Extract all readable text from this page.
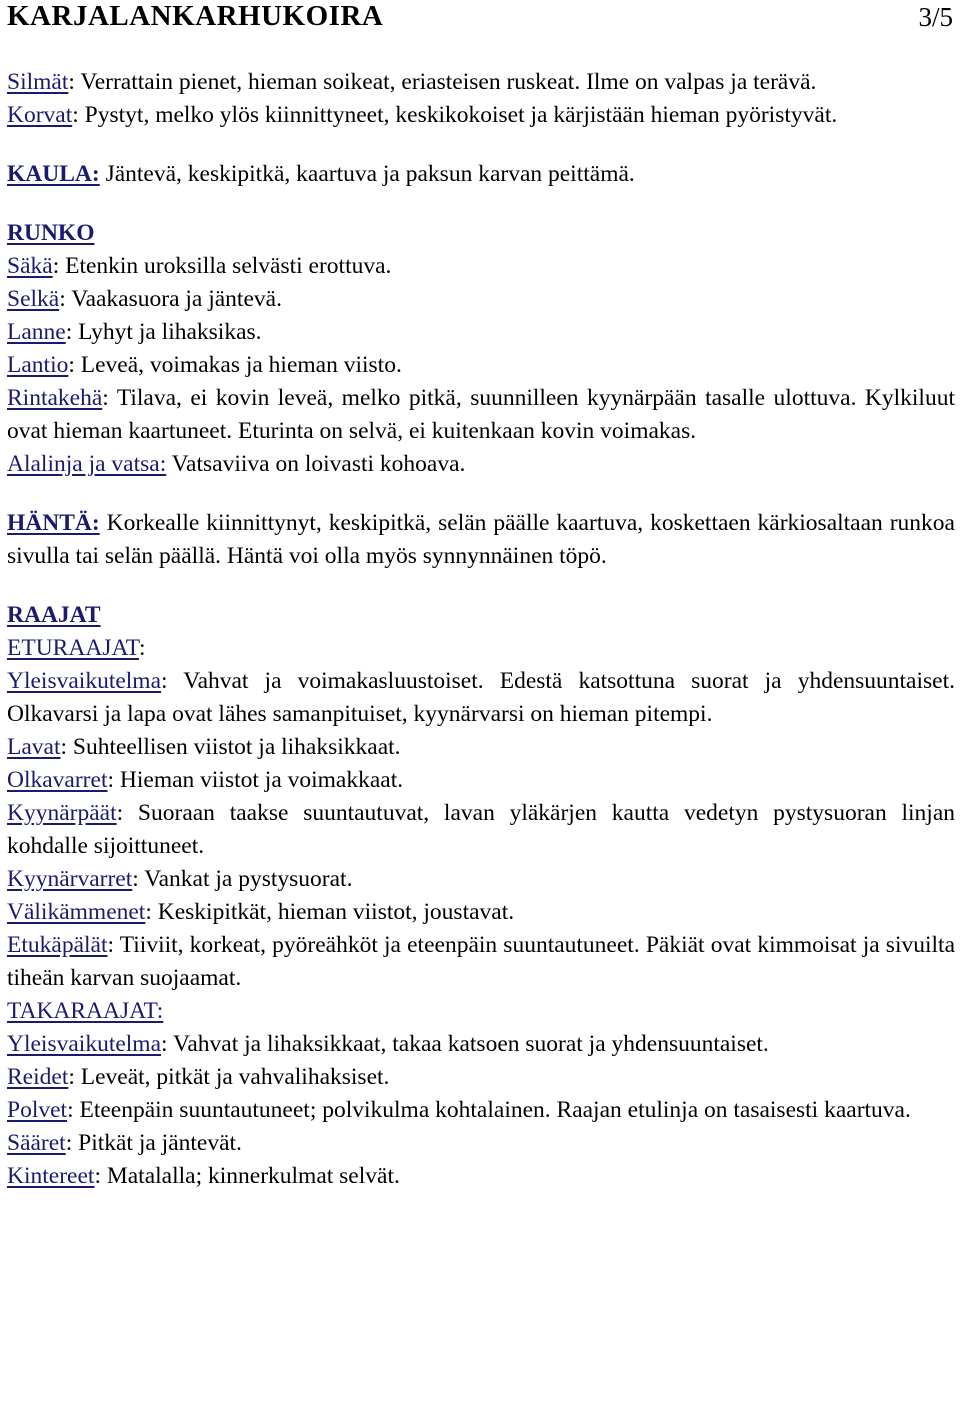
KARJALANKARHUKOIRA	3/5

Silmät: Verrattain pienet, hieman soikeat, eriasteisen ruskeat. Ilme on valpas ja terävä.

Korvat: Pystyt, melko ylös kiinnittyneet, keskikokoiset ja kärjistään hieman pyöristyvät.

KAULA: Jäntevä, keskipitkä, kaartuva ja paksun karvan peittämä.

RUNKO

Säkä: Etenkin uroksilla selvästi erottuva.

Selkä: Vaakasuora ja jäntevä.

Lanne: Lyhyt ja lihaksikas.

Lantio: Leveä, voimakas ja hieman viisto.

Rintakehä: Tilava, ei kovin leveä, melko pitkä, suunnilleen kyynärpään tasalle ulottuva. Kylkiluut ovat hieman kaartuneet. Eturinta on selvä, ei kuitenkaan kovin voimakas.

Alalinja ja vatsa: Vatsaviiva on loivasti kohoava.

HÄNTÄ: Korkealle kiinnittynyt, keskipitkä, selän päälle kaartuva, koskettaen kärkiosaltaan runkoa sivulla tai selän päällä. Häntä voi olla myös synnynnäinen töpö.

RAAJAT

ETURAAJAT:

Yleisvaikutelma: Vahvat ja voimakasluustoiset. Edestä katsottuna suorat ja yhdensuuntaiset. Olkavarsi ja lapa ovat lähes samanpituiset, kyynärvarsi on hieman pitempi.

Lavat: Suhteellisen viistot ja lihaksikkaat.

Olkavarret: Hieman viistot ja voimakkaat.

Kyynärpäät: Suoraan taakse suuntautuvat, lavan yläkärjen kautta vedetyn pystysuoran linjan kohdalle sijoittuneet.

Kyynärvarret: Vankat ja pystysuorat.

Välikämmenet: Keskipitkät, hieman viistot, joustavat.

Etukäpälät: Tiiviit, korkeat, pyöreähköt ja eteenpäin suuntautuneet. Päkiät ovat kimmoisat ja sivuilta tiheän karvan suojaamat.

TAKARAAJAT:

Yleisvaikutelma: Vahvat ja lihaksikkaat, takaa katsoen suorat ja yhdensuuntaiset.

Reidet: Leveät, pitkät ja vahvalihaksiset.

Polvet: Eteenpäin suuntautuneet; polvikulma kohtalainen. Raajan etulinja on tasaisesti kaartuva.

Sääret: Pitkät ja jäntevät.

Kintereet: Matalalla; kinnerkulmat selvät.
